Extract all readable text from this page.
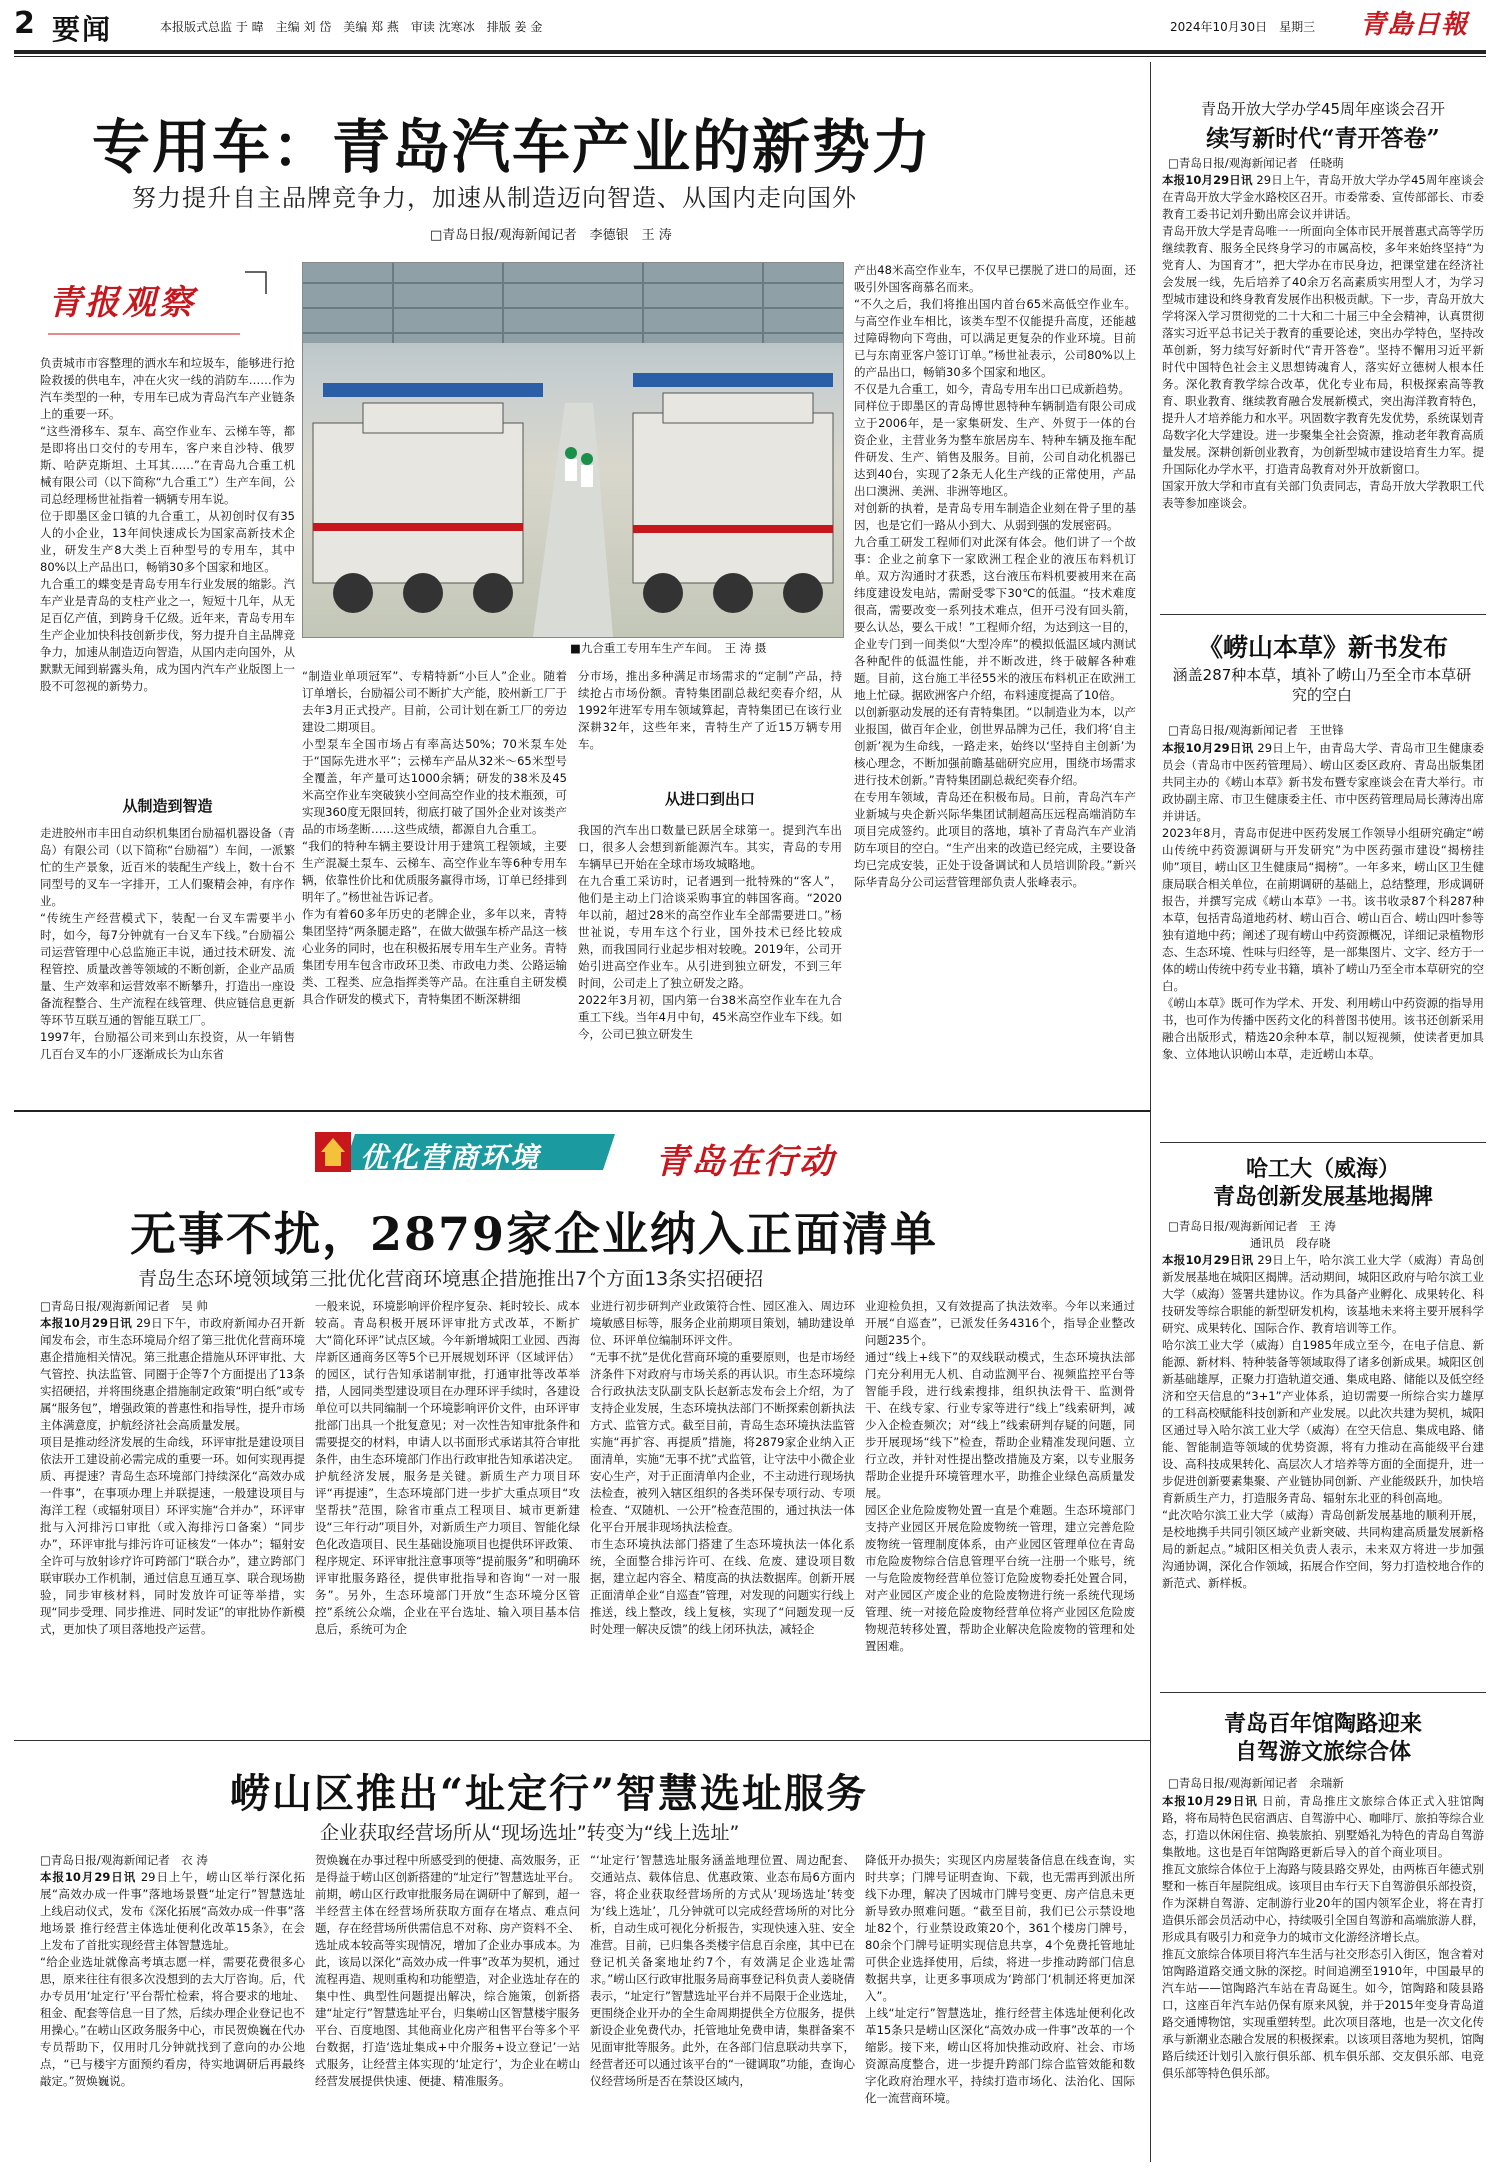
2 要闻	本报版式总监 于 暐　主编 刘 岱　美编 郑 燕　审读 沈寒冰　排版 姜 金	2024年10月30日　星期三 青島日報
专用车：青岛汽车产业的新势力
努力提升自主品牌竞争力，加速从制造迈向智造、从国内走向国外
□青岛日报/观海新闻记者　李德银　王 涛
青报观察
■九合重工专用车生产车间。　王 涛 摄
负责城市市容整理的洒水车和垃圾车，能够进行抢险救援的供电车，冲在火灾一线的消防车……作为汽车类型的一种，专用车已成为青岛汽车产业链条上的重要一环。
“这些滑移车、泵车、高空作业车、云梯车等，都是即将出口交付的专用车，客户来自沙特、俄罗斯、哈萨克斯坦、土耳其……”在青岛九合重工机械有限公司（以下简称“九合重工”）生产车间，公司总经理杨世祉指着一辆辆专用车说。
位于即墨区金口镇的九合重工，从初创时仅有35人的小企业，13年间快速成长为国家高新技术企业，研发生产8大类上百种型号的专用车，其中80%以上产品出口，畅销30多个国家和地区。
九合重工的蝶变是青岛专用车行业发展的缩影。汽车产业是青岛的支柱产业之一，短短十几年，从无足百亿产值，到跨身千亿级。近年来，青岛专用车生产企业加快科技创新步伐，努力提升自主品牌竞争力，加速从制造迈向智造，从国内走向国外，从默默无闻到崭露头角，成为国内汽车产业版图上一股不可忽视的新势力。
从制造到智造
走进胶州市丰田自动织机集团台励福机器设备（青岛）有限公司（以下简称“台励福”）车间，一派繁忙的生产景象，近百米的装配生产线上，数十台不同型号的叉车一字排开，工人们聚精会神，有序作业。
“传统生产经营模式下，装配一台叉车需要半小时，如今，每7分钟就有一台叉车下线。”台励福公司运营管理中心总监施正丰说，通过技术研发、流程管控、质量改善等领域的不断创新，企业产品质量、生产效率和运营效率不断攀升，打造出一座设备流程整合、生产流程在线管理、供应链信息更新等环节互联互通的智能互联工厂。
1997年，台励福公司来到山东投资，从一年销售几百台叉车的小厂逐渐成长为山东省
“制造业单项冠军”、专精特新“小巨人”企业。随着订单增长，台励福公司不断扩大产能，胶州新工厂于去年3月正式投产。目前，公司计划在新工厂的旁边建设二期项目。
小型泵车全国市场占有率高达50%；70米泵车处于“国际先进水平”；云梯车产品从32米～65米型号全覆盖，年产量可达1000余辆；研发的38米及45米高空作业车突破狭小空间高空作业的技术瓶颈，可实现360度无限回转，彻底打破了国外企业对该类产品的市场垄断……这些成绩，都源自九合重工。
“我们的特种车辆主要设计用于建筑工程领域，主要生产混凝土泵车、云梯车、高空作业车等6种专用车辆，依靠性价比和优质服务赢得市场，订单已经排到明年了。”杨世祉告诉记者。
作为有着60多年历史的老牌企业，多年以来，青特集团坚持“两条腿走路”，在做大做强车桥产品这一核心业务的同时，也在积极拓展专用车生产业务。青特集团专用车包含市政环卫类、市政电力类、公路运输类、工程类、应急指挥类等产品。在注重自主研发模具合作研发的模式下，青特集团不断深耕细
分市场，推出多种满足市场需求的“定制”产品，持续抢占市场份额。青特集团副总裁纪奕春介绍，从1992年进军专用车领域算起，青特集团已在该行业深耕32年，这些年来，青特生产了近15万辆专用车。
从进口到出口
我国的汽车出口数量已跃居全球第一。提到汽车出口，很多人会想到新能源汽车。其实，青岛的专用车辆早已开始在全球市场攻城略地。
在九合重工采访时，记者遇到一批特殊的“客人”，他们是主动上门洽谈采购事宜的韩国客商。“2020年以前，超过28米的高空作业车全部需要进口。”杨世祉说，专用车这个行业，国外技术已经比较成熟，而我国同行业起步相对较晚。2019年，公司开始引进高空作业车。从引进到独立研发，不到三年时间，公司走上了独立研发之路。
2022年3月初，国内第一台38米高空作业车在九合重工下线。当年4月中旬，45米高空作业车下线。如今，公司已独立研发生
产出48米高空作业车，不仅早已摆脱了进口的局面，还吸引外国客商慕名而来。
“不久之后，我们将推出国内首台65米高低空作业车。与高空作业车相比，该类车型不仅能提升高度，还能越过障碍物向下弯曲，可以满足更复杂的作业环境。目前已与东南亚客户签订订单。”杨世祉表示，公司80%以上的产品出口，畅销30多个国家和地区。
不仅是九合重工，如今，青岛专用车出口已成新趋势。
同样位于即墨区的青岛博世恩特种车辆制造有限公司成立于2006年，是一家集研发、生产、外贸于一体的台资企业，主营业务为整车旅居房车、特种车辆及拖车配件研发、生产、销售及服务。目前，公司自动化机器已达到40台，实现了2条无人化生产线的正常使用，产品出口澳洲、美洲、非洲等地区。
对创新的执着，是青岛专用车制造企业刻在骨子里的基因，也是它们一路从小到大、从弱到强的发展密码。
九合重工研发工程师们对此深有体会。他们讲了一个故事：企业之前拿下一家欧洲工程企业的液压布料机订单。双方沟通时才获悉，这台液压布料机要被用来在高纬度建设发电站，需耐受零下30℃的低温。“技术难度很高，需要改变一系列技术难点，但开弓没有回头箭，要么认怂，要么干成！”工程师介绍，为达到这一目的，企业专门到一间类似“大型冷库”的模拟低温区域内测试各种配件的低温性能，并不断改进，终于破解各种难题。目前，这台施工半径55米的液压布料机正在欧洲工地上忙碌。据欧洲客户介绍，布料速度提高了10倍。
以创新驱动发展的还有青特集团。“以制造业为本，以产业报国，做百年企业，创世界品牌为己任，我们将‘自主创新’视为生命线，一路走来，始终以‘坚持自主创新’为核心理念，不断加强前瞻基础研究应用，围绕市场需求进行技术创新。”青特集团副总裁纪奕春介绍。
在专用车领域，青岛还在积极布局。日前，青岛汽车产业新城与央企新兴际华集团试制超高压远程高端消防车项目完成签约。此项目的落地，填补了青岛汽车产业消防车项目的空白。“生产出来的改造已经完成，主要设备均已完成安装，正处于设备调试和人员培训阶段。”新兴际华青岛分公司运营管理部负责人张峰表示。
青岛开放大学办学45周年座谈会召开
续写新时代“青开答卷”
□青岛日报/观海新闻记者　任晓萌
本报10月29日讯 29日上午，青岛开放大学办学45周年座谈会在青岛开放大学金水路校区召开。市委常委、宣传部部长、市委教育工委书记刘升勤出席会议并讲话。
青岛开放大学是青岛唯一一所面向全体市民开展普惠式高等学历继续教育、服务全民终身学习的市属高校，多年来始终坚持“为党育人、为国育才”，把大学办在市民身边，把课堂建在经济社会发展一线，先后培养了40余万名高素质实用型人才，为学习型城市建设和终身教育发展作出积极贡献。下一步，青岛开放大学将深入学习贯彻党的二十大和二十届三中全会精神，认真贯彻落实习近平总书记关于教育的重要论述，突出办学特色，坚持改革创新，努力续写好新时代“青开答卷”。坚持不懈用习近平新时代中国特色社会主义思想铸魂育人，落实好立德树人根本任务。深化教育教学综合改革，优化专业布局，积极探索高等教育、职业教育、继续教育融合发展新模式，突出海洋教育特色，提升人才培养能力和水平。巩固数字教育先发优势，系统谋划青岛数字化大学建设。进一步聚集全社会资源，推动老年教育高质量发展。深耕创新创业教育，为创新型城市建设培育生力军。提升国际化办学水平，打造青岛教育对外开放新窗口。
国家开放大学和市直有关部门负责同志，青岛开放大学教职工代表等参加座谈会。
《崂山本草》新书发布
涵盖287种本草，填补了崂山乃至全市本草研究的空白
□青岛日报/观海新闻记者　王世锋
本报10月29日讯 29日上午，由青岛大学、青岛市卫生健康委员会（青岛市中医药管理局）、崂山区委区政府、青岛出版集团共同主办的《崂山本草》新书发布暨专家座谈会在青大举行。市政协副主席、市卫生健康委主任、市中医药管理局局长薄涛出席并讲话。
2023年8月，青岛市促进中医药发展工作领导小组研究确定“崂山传统中药资源调研与开发研究”为中医药强市建设“揭榜挂帅”项目，崂山区卫生健康局“揭榜”。一年多来，崂山区卫生健康局联合相关单位，在前期调研的基础上，总结整理，形成调研报告，并撰写完成《崂山本草》一书。该书收录87个科287种本草，包括青岛道地药材、崂山百合、崂山百合、崂山四叶参等独有道地中药；阐述了现有崂山中药资源概况，详细记录植物形态、生态环境、性味与归经等，是一部集图片、文字、经方于一体的崂山传统中药专业书籍，填补了崂山乃至全市本草研究的空白。
《崂山本草》既可作为学术、开发、利用崂山中药资源的指导用书，也可作为传播中医药文化的科普图书使用。该书还创新采用融合出版形式，精选20余种本草，制以短视频，使读者更加具象、立体地认识崂山本草，走近崂山本草。
哈工大（威海）
青岛创新发展基地揭牌
□青岛日报/观海新闻记者　王 涛
通讯员　段存晓
本报10月29日讯 29日上午，哈尔滨工业大学（威海）青岛创新发展基地在城阳区揭牌。活动期间，城阳区政府与哈尔滨工业大学（威海）签署共建协议。作为具备产业孵化、成果转化、科技研发等综合职能的新型研发机构，该基地未来将主要开展科学研究、成果转化、国际合作、教育培训等工作。
哈尔滨工业大学（威海）自1985年成立至今，在电子信息、新能源、新材料、特种装备等领域取得了诸多创新成果。城阳区创新基础雄厚，正聚力打造轨道交通、集成电路、储能以及低空经济和空天信息的“3+1”产业体系，迫切需要一所综合实力雄厚的工科高校赋能科技创新和产业发展。以此次共建为契机，城阳区通过导入哈尔滨工业大学（威海）在空天信息、集成电路、储能、智能制造等领域的优势资源，将有力推动在高能级平台建设、高科技成果转化、高层次人才培养等方面的全面提升，进一步促进创新要素集聚、产业链协同创新、产业能级跃升，加快培育新质生产力，打造服务青岛、辐射东北亚的科创高地。
“此次哈尔滨工业大学（威海）青岛创新发展基地的顺利开展，是校地携手共同引领区域产业新突破、共同构建高质量发展新格局的新起点。”城阳区相关负责人表示，未来双方将进一步加强沟通协调，深化合作领域，拓展合作空间，努力打造校地合作的新范式、新样板。
青岛百年馆陶路迎来
自驾游文旅综合体
□青岛日报/观海新闻记者　余瑞新
本报10月29日讯 日前，青岛推庄文旅综合体正式入驻馆陶路，将布局特色民宿酒店、自驾游中心、咖啡厅、旅拍等综合业态，打造以休闲住宿、换装旅拍、别墅婚礼为特色的青岛自驾游集散地。这也是百年馆陶路更新后导入的首个商业项目。
推瓦文旅综合体位于上海路与陵县路交界处，由两栋百年德式别墅和一栋百年屋院组成。该项目由车行天下自驾游俱乐部投资，作为深耕自驾游、定制游行业20年的国内领军企业，将在青打造俱乐部会员活动中心，持续吸引全国自驾游和高端旅游人群，形成具有吸引力和竞争力的城市文化游经济增长点。
推瓦文旅综合体项目将汽车生活与社交形态引入街区，饱含着对馆陶路道路交通文脉的深挖。时间追溯至1910年，中国最早的汽车站——馆陶路汽车站在青岛诞生。如今，馆陶路和陵县路口，这座百年汽车站仍保有原来风貌，并于2015年变身青岛道路交通博物馆，实现重塑转型。此次项目落地，也是一次文化传承与新潮业态融合发展的积极探索。以该项目落地为契机，馆陶路后续还计划引入旅行俱乐部、机车俱乐部、交友俱乐部、电竞俱乐部等特色俱乐部。
优化营商环境	青岛在行动
无事不扰，2879家企业纳入正面清单
青岛生态环境领域第三批优化营商环境惠企措施推出7个方面13条实招硬招
□青岛日报/观海新闻记者　吴 帅
本报10月29日讯 29日下午，市政府新闻办召开新闻发布会，市生态环境局介绍了第三批优化营商环境惠企措施相关情况。第三批惠企措施从环评审批、大气管控、执法监管、同圈于企等7个方面提出了13条实招硬招，并将围绕惠企措施制定政策“明白纸”或专属“服务包”，增强政策的普惠性和指导性，提升市场主体满意度，护航经济社会高质量发展。
项目是推动经济发展的生命线，环评审批是建设项目依法开工建设前必需完成的重要一环。如何实现再提质、再提速？青岛生态环境部门持续深化“高效办成一件事”，在事项办理上并联提速，一般建设项目与海洋工程（或辐射项目）环评实施“合并办”，环评审批与入河排污口审批（或入海排污口备案）“同步办”，环评审批与排污许可证核发“一体办”；辐射安全许可与放射诊疗许可跨部门“联合办”，建立跨部门联审联办工作机制，通过信息互通互享、联合现场勘验，同步审核材料，同时发放许可证等举措，实现“同步受理、同步推进、同时发证”的审批协作新模式，更加快了项目落地投产运营。
一般来说，环境影响评价程序复杂、耗时较长、成本较高。青岛积极开展环评审批方式改革，不断扩大“简化环评”试点区域。今年新增城阳工业园、西海岸新区通商务区等5个已开展规划环评（区域评估）的园区，试行告知承诺制审批，打通审批等改革举措，人园同类型建设项目在办理环评手续时，各建设单位可以共同编制一个环境影响评价文件，由环评审批部门出具一个批复意见；对一次性告知审批条件和需要提交的材料，申请人以书面形式承诺其符合审批条件，由生态环境部门作出行政审批告知承诺决定。
护航经济发展，服务是关键。新质生产力项目环评“再提速”，生态环境部门进一步扩大重点项目“攻坚帮扶”范围，除省市重点工程项目、城市更新建设“三年行动”项目外，对新质生产力项目、智能化绿色化改造项目、民生基础设施项目也提供环评政策、程序规定、环评审批注意事项等“提前服务”和明确环评审批服务路径，提供审批指导和咨询“一对一服务”。另外，生态环境部门开放“生态环境分区管控”系统公众端，企业在平台选址、输入项目基本信息后，系统可为企
业进行初步研判产业政策符合性、园区准入、周边环境敏感目标等，服务企业前期项目策划，辅助建设单位、环评单位编制环评文件。
“无事不扰”是优化营商环境的重要原则，也是市场经济条件下对政府与市场关系的再认识。市生态环境综合行政执法支队副支队长赵新志发布会上介绍，为了支持企业发展，生态环境执法部门不断探索创新执法方式、监管方式。截至目前，青岛生态环境执法监管实施“再扩容、再提质”措施，将2879家企业纳入正面清单，实施“无事不扰”式监管，让守法中小微企业安心生产，对于正面清单内企业，不主动进行现场执法检查，被列入辖区组织的各类环保专项行动、专项检查、“双随机、一公开”检查范围的，通过执法一体化平台开展非现场执法检查。
市生态环境执法部门搭建了生态环境执法一体化系统，全面整合排污许可、在线、危废、建设项目数据，建立起内容全、精度高的执法数据库。创新开展正面清单企业“自巡查”管理，对发现的问题实行线上推送，线上整改，线上复核，实现了“问题发现一反时处理一解决反馈”的线上闭环执法，减轻企
业迎检负担，又有效提高了执法效率。今年以来通过开展“自巡查”，已派发任务4316个，指导企业整改问题235个。
通过“线上+线下”的双线联动模式，生态环境执法部门充分利用无人机、自动监测平台、视频监控平台等智能手段，进行线索搜排，组织执法骨干、监测骨干、在线专家、行业专家等进行“线上”线索研判，减少入企检查频次；对“线上”线索研判存疑的问题，同步开展现场“线下”检查，帮助企业精准发现问题、立行立改，并针对性提出整改措施及方案，以专业服务帮助企业提升环境管理水平，助推企业绿色高质量发展。
园区企业危险废物处置一直是个难题。生态环境部门支持产业园区开展危险废物统一管理，建立完善危险废物统一管理制度体系，由产业园区管理单位在青岛市危险废物综合信息管理平台统一注册一个账号，统一与危险废物经营单位签订危险废物委托处置合同，对产业园区产废企业的危险废物进行统一系统代现场管理、统一对接危险废物经营单位将产业园区危险废物规范转移处置，帮助企业解决危险废物的管理和处置困难。
崂山区推出“址定行”智慧选址服务
企业获取经营场所从“现场选址”转变为“线上选址”
□青岛日报/观海新闻记者　衣 涛
本报10月29日讯 29日上午，崂山区举行深化拓展“高效办成一件事”落地场景暨“址定行”智慧选址上线启动仪式，发布《深化拓展“高效办成一件事”落地场景 推行经营主体选址便利化改革15条》，在会上发布了首批实现经营主体智慧选址。
“给企业选址就像高考填志愿一样，需要花费很多心思，原来往往有很多次没想到的去大厅咨询。后，代办专员用‘址定行’平台帮忙检索，将合要求的地址、租金、配套等信息一目了然，后续办理企业登记也不用操心。”在崂山区政务服务中心，市民贺焕巍在代办专员帮助下，仅用时几分钟就找到了意向的办公地点，“已与楼宇方面预约看房，待实地调研后再最终敲定。”贺焕巍说。
贺焕巍在办事过程中所感受到的便捷、高效服务，正是得益于崂山区创新搭建的“址定行”智慧选址平台。前期，崂山区行政审批服务局在调研中了解到，超一半经营主体在经营场所获取方面存在堵点、难点问题，存在经营场所供需信息不对称、房产资料不全、选址成本较高等实现情况，增加了企业办事成本。为此，该局以深化“高效办成一件事”改革为契机，通过流程再造、规则重构和功能塑造，对企业选址存在的集中性、典型性问题提出解决，综合施策，创新搭建“址定行”智慧选址平台，归集崂山区智慧楼宇服务平台、百度地图、其他商业化房产租售平台等多个平台数据，打造‘选址集成+中介服务+设立登记’一站式服务，让经营主体实现的‘址定行’，为企业在崂山经营发展提供快速、便捷、精准服务。
“‘址定行’智慧选址服务涵盖地理位置、周边配套、交通站点、载体信息、优惠政策、业态布局6方面内容，将企业获取经营场所的方式从‘现场选址’转变为‘线上选址’，几分钟就可以完成经营场所的对比分析，自动生成可视化分析报告，实现快速入驻、安全准营。目前，已归集各类楼宇信息百余座，其中已在登记机关备案地址约7个，有效满足企业选址需求。”崂山区行政审批服务局商事登记科负责人姜晓倩表示，“址定行”智慧选址平台并不局限于企业选址，更围绕企业开办的全生命周期提供全方位服务，提供新设企业免费代办，托管地址免费申请，集群备案不见面审批等服务。此外，在各部门信息联动共享下，经营者还可以通过该平台的“一键调取”功能，查询心仪经营场所是否在禁设区域内，
降低开办损失；实现区内房屋装备信息在线查询，实时共享；门牌号证明查询、下载，也无需再到派出所线下办理，解决了因城市门牌号变更、房产信息未更新导致办照难问题。“截至目前，我们已公示禁设地址82个，行业禁设政策20个，361个楼房门牌号，80余个门牌号证明实现信息共享，4个免费托管地址可供企业选择使用，后续，将进一步推动跨部门信息数据共享，让更多事项成为‘跨部门‘机制还将更加深入”。
上线“址定行”智慧选址，推行经营主体选址便利化改革15条只是崂山区深化“高效办成一件事”改革的一个缩影。接下来，崂山区将加快推动政府、社会、市场资源高度整合，进一步提升跨部门综合监管效能和数字化政府治理水平，持续打造市场化、法治化、国际化一流营商环境。
